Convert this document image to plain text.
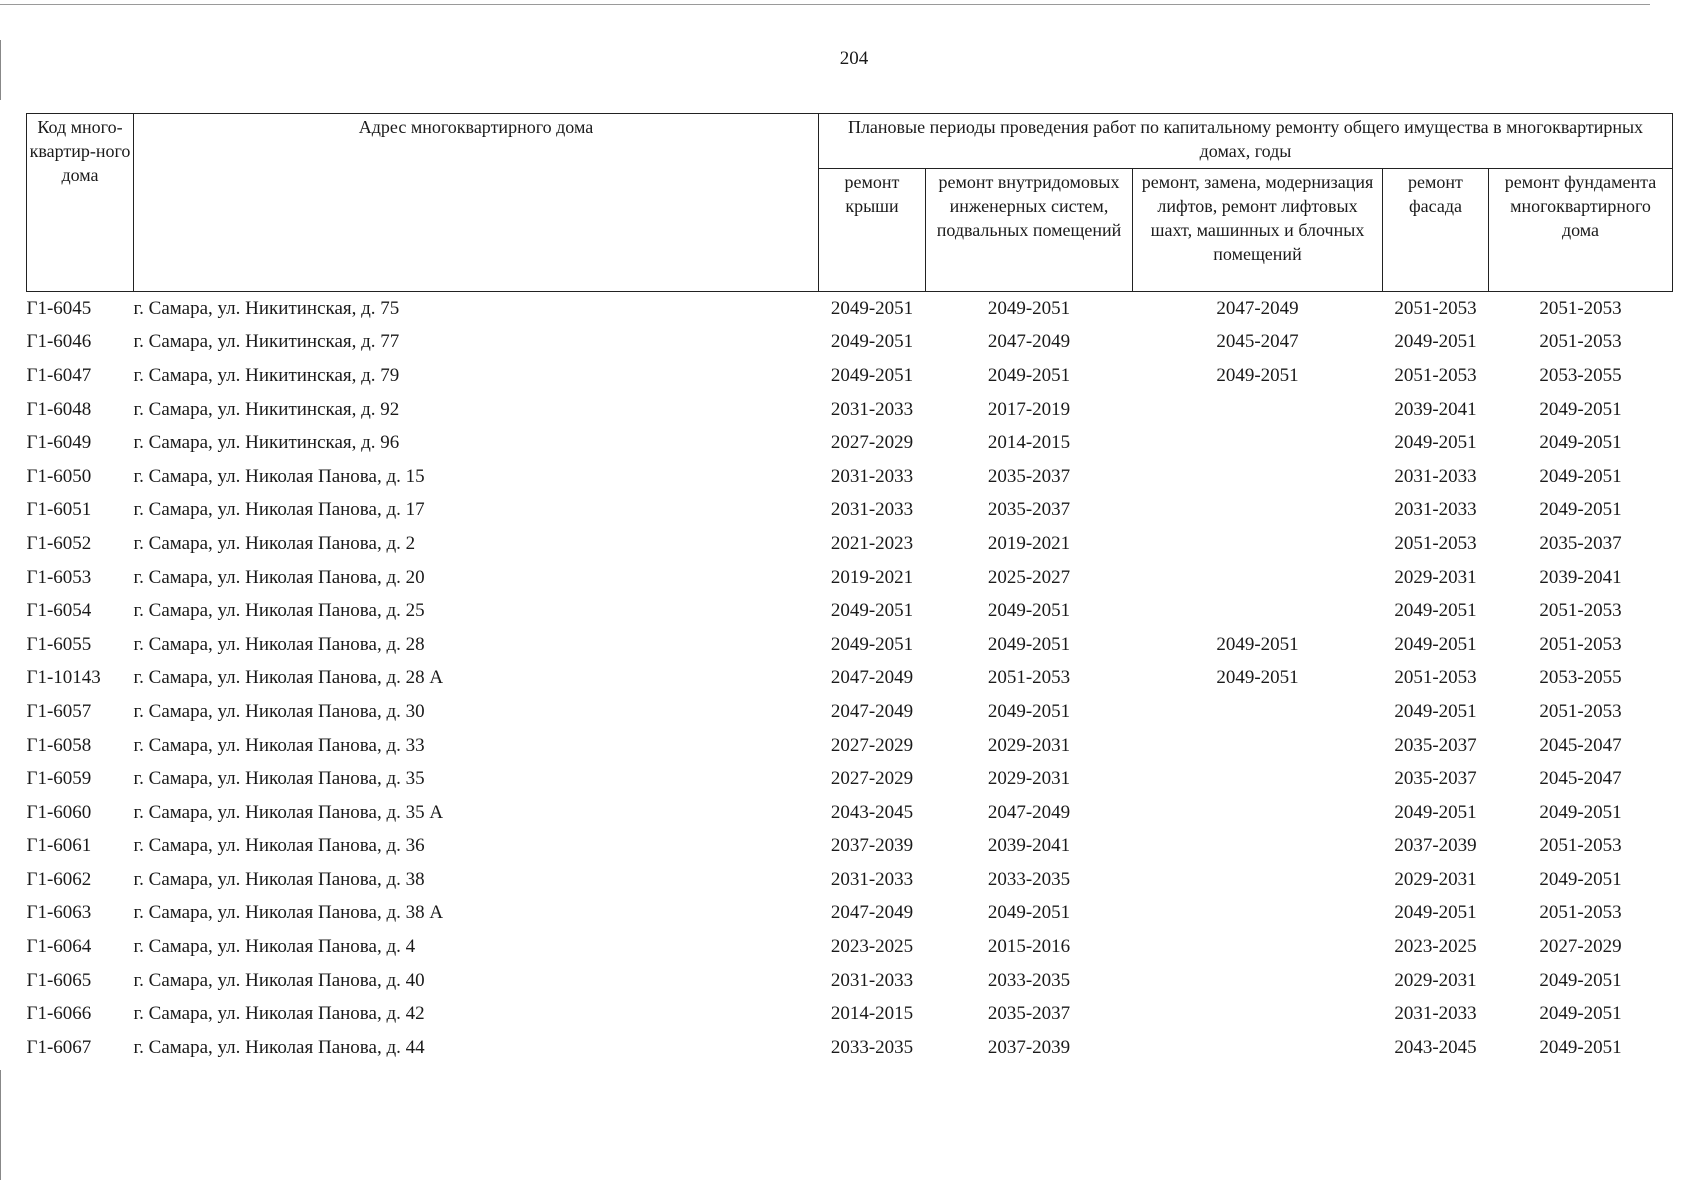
204
Код много-квартир-ного дома	Адрес многоквартирного дома	Плановые периоды проведения работ по капитальному ремонту общего имущества в многоквартирных домах, годы				
		ремонт крыши	ремонт внутридомовых инженерных систем, подвальных помещений	ремонт, замена, модернизация лифтов, ремонт лифтовых шахт, машинных и блочных помещений	ремонт фасада	ремонт фундамента многоквартирного дома
Г1-6045	г. Самара, ул. Никитинская, д. 75	2049-2051	2049-2051	2047-2049	2051-2053	2051-2053
Г1-6046	г. Самара, ул. Никитинская, д. 77	2049-2051	2047-2049	2045-2047	2049-2051	2051-2053
Г1-6047	г. Самара, ул. Никитинская, д. 79	2049-2051	2049-2051	2049-2051	2051-2053	2053-2055
Г1-6048	г. Самара, ул. Никитинская, д. 92	2031-2033	2017-2019		2039-2041	2049-2051
Г1-6049	г. Самара, ул. Никитинская, д. 96	2027-2029	2014-2015		2049-2051	2049-2051
Г1-6050	г. Самара, ул. Николая Панова, д. 15	2031-2033	2035-2037		2031-2033	2049-2051
Г1-6051	г. Самара, ул. Николая Панова, д. 17	2031-2033	2035-2037		2031-2033	2049-2051
Г1-6052	г. Самара, ул. Николая Панова, д. 2	2021-2023	2019-2021		2051-2053	2035-2037
Г1-6053	г. Самара, ул. Николая Панова, д. 20	2019-2021	2025-2027		2029-2031	2039-2041
Г1-6054	г. Самара, ул. Николая Панова, д. 25	2049-2051	2049-2051		2049-2051	2051-2053
Г1-6055	г. Самара, ул. Николая Панова, д. 28	2049-2051	2049-2051	2049-2051	2049-2051	2051-2053
Г1-10143	г. Самара, ул. Николая Панова, д. 28 А	2047-2049	2051-2053	2049-2051	2051-2053	2053-2055
Г1-6057	г. Самара, ул. Николая Панова, д. 30	2047-2049	2049-2051		2049-2051	2051-2053
Г1-6058	г. Самара, ул. Николая Панова, д. 33	2027-2029	2029-2031		2035-2037	2045-2047
Г1-6059	г. Самара, ул. Николая Панова, д. 35	2027-2029	2029-2031		2035-2037	2045-2047
Г1-6060	г. Самара, ул. Николая Панова, д. 35 А	2043-2045	2047-2049		2049-2051	2049-2051
Г1-6061	г. Самара, ул. Николая Панова, д. 36	2037-2039	2039-2041		2037-2039	2051-2053
Г1-6062	г. Самара, ул. Николая Панова, д. 38	2031-2033	2033-2035		2029-2031	2049-2051
Г1-6063	г. Самара, ул. Николая Панова, д. 38 А	2047-2049	2049-2051		2049-2051	2051-2053
Г1-6064	г. Самара, ул. Николая Панова, д. 4	2023-2025	2015-2016		2023-2025	2027-2029
Г1-6065	г. Самара, ул. Николая Панова, д. 40	2031-2033	2033-2035		2029-2031	2049-2051
Г1-6066	г. Самара, ул. Николая Панова, д. 42	2014-2015	2035-2037		2031-2033	2049-2051
Г1-6067	г. Самара, ул. Николая Панова, д. 44	2033-2035	2037-2039		2043-2045	2049-2051
